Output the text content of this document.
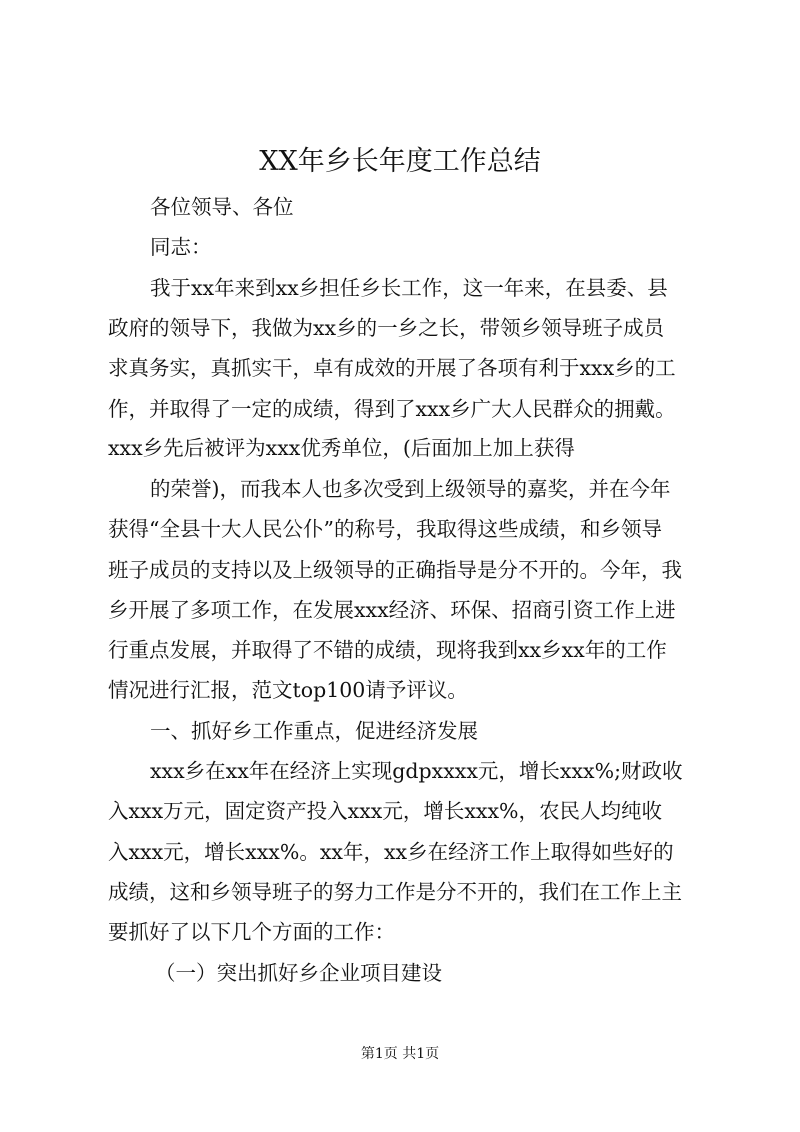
XX年乡长年度工作总结
各位领导、各位
同志：
我于xx年来到xx乡担任乡长工作，这一年来，在县委、县
政府的领导下，我做为xx乡的一乡之长，带领乡领导班子成员
求真务实，真抓实干，卓有成效的开展了各项有利于xxx乡的工
作，并取得了一定的成绩，得到了xxx乡广大人民群众的拥戴。
xxx乡先后被评为xxx优秀单位，(后面加上加上获得
的荣誉)，而我本人也多次受到上级领导的嘉奖，并在今年
获得“全县十大人民公仆”的称号，我取得这些成绩，和乡领导
班子成员的支持以及上级领导的正确指导是分不开的。今年，我
乡开展了多项工作，在发展xxx经济、环保、招商引资工作上进
行重点发展，并取得了不错的成绩，现将我到xx乡xx年的工作
情况进行汇报，范文top100请予评议。
一、抓好乡工作重点，促进经济发展
xxx乡在xx年在经济上实现gdpxxxx元，增长xxx%;财政收
入xxx万元，固定资产投入xxx元，增长xxx%，农民人均纯收
入xxx元，增长xxx%。xx年，xx乡在经济工作上取得如些好的
成绩，这和乡领导班子的努力工作是分不开的，我们在工作上主
要抓好了以下几个方面的工作：
（一）突出抓好乡企业项目建设
第1页 共1页
